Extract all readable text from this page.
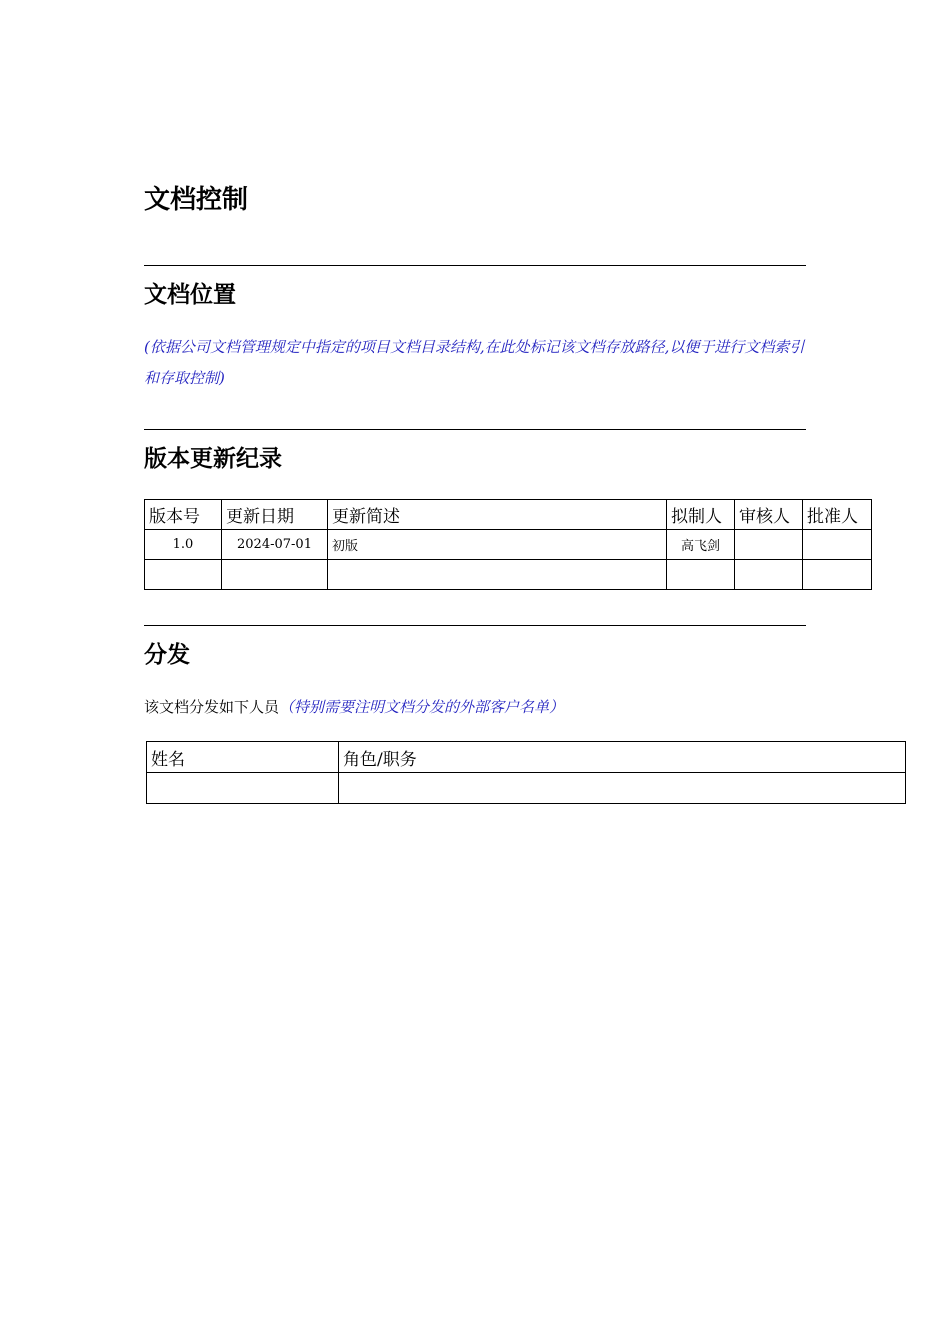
文档控制
文档位置
(依据公司文档管理规定中指定的项目文档目录结构,在此处标记该文档存放路径,以便于进行文档索引和存取控制)
版本更新纪录
版本号	更新日期	更新简述	拟制人	审核人	批准人
1.0	2024-07-01	初版	高飞剑		

分发
该文档分发如下人员（特别需要注明文档分发的外部客户名单）
姓名	角色/职务
